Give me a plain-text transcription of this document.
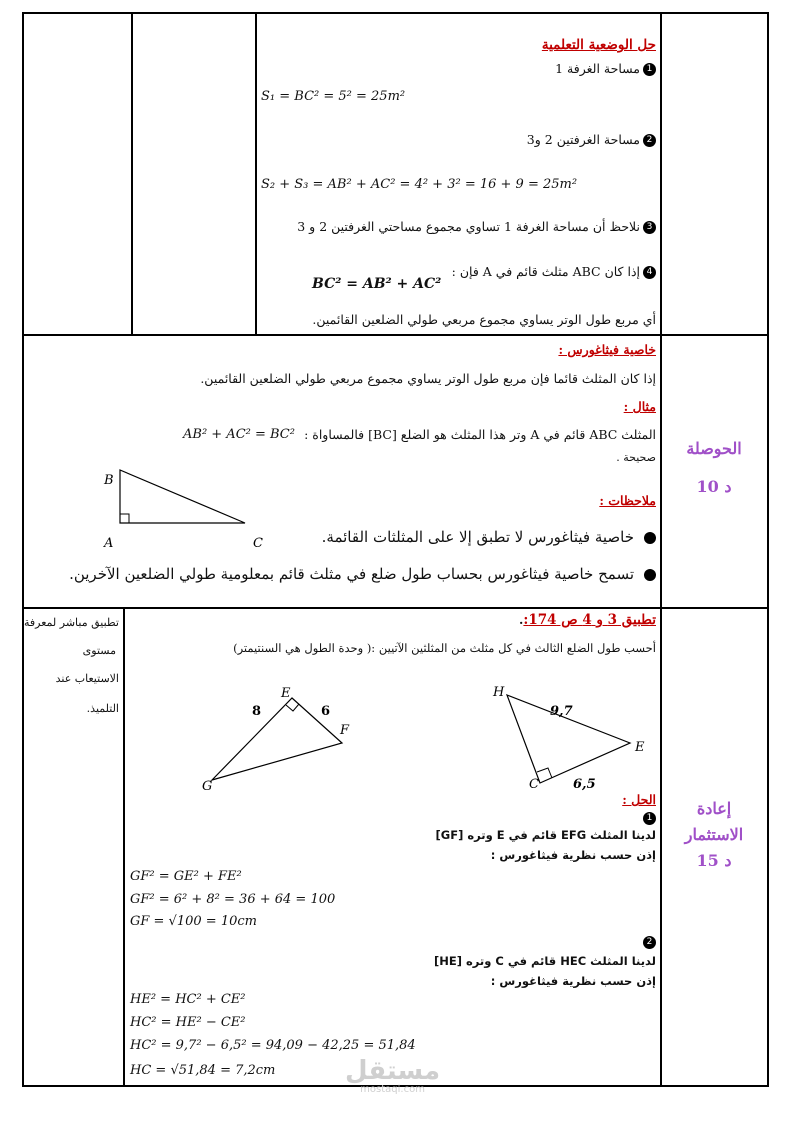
حل الوضعية التعلمية
1مساحة الغرفة 1
S₁ = BC² = 5² = 25m²
2مساحة الغرفتين 2 و3
S₂ + S₃ = AB² + AC² = 4² + 3² = 16 + 9 = 25m²
3نلاحظ أن مساحة الغرفة 1 تساوي مجموع مساحتي الغرفتين 2 و 3
4إذا كان ABC مثلث قائم في A فإن :
BC² = AB² + AC²
أي مربع طول الوتر يساوي مجموع مربعي طولي الضلعين القائمين.
الحوصلة
10 د
خاصية فيثاغورس :
إذا كان المثلث قائما فإن مربع طول الوتر يساوي مجموع مربعي طولي الضلعين القائمين.
مثال :
المثلث ABC قائم في A وتر هذا المثلث هو الضلع [BC] فالمساواة :
AB² + AC² = BC²
صحيحة .
ملاحظات :
خاصية فيثاغورس لا تطبق إلا على المثلثات القائمة.
تسمح خاصية فيثاغورس بحساب طول ضلع في مثلث قائم بمعلومية طولي الضلعين الآخرين.
B
A	C
إعادة
الاستثمار
15 د
تطبيق مباشر لمعرفة
مستوى
الاستيعاب عند
التلميذ.
تطبيق 3 و 4 ص 174:.
أحسب طول الضلع الثالث في كل مثلث من المثلثين الآتيين :( وحدة الطول هي السنتيمتر)
E
F
G
8	6
H
E
C
9,7
6,5
الحل :
1
لدينا المثلث EFG قائم في E وتره [GF]
إذن حسب نظرية فيثاغورس :
GF² = GE² + FE²
GF² = 6² + 8² = 36 + 64 = 100
GF = √100 = 10cm
2
لدينا المثلث HEC قائم في C وتره [HE]
إذن حسب نظرية فيثاغورس :
HE² = HC² + CE²
HC² = HE² − CE²
HC² = 9,7² − 6,5² = 94,09 − 42,25 = 51,84
HC = √51,84 = 7,2cm	مستقل
mostaqi.com
